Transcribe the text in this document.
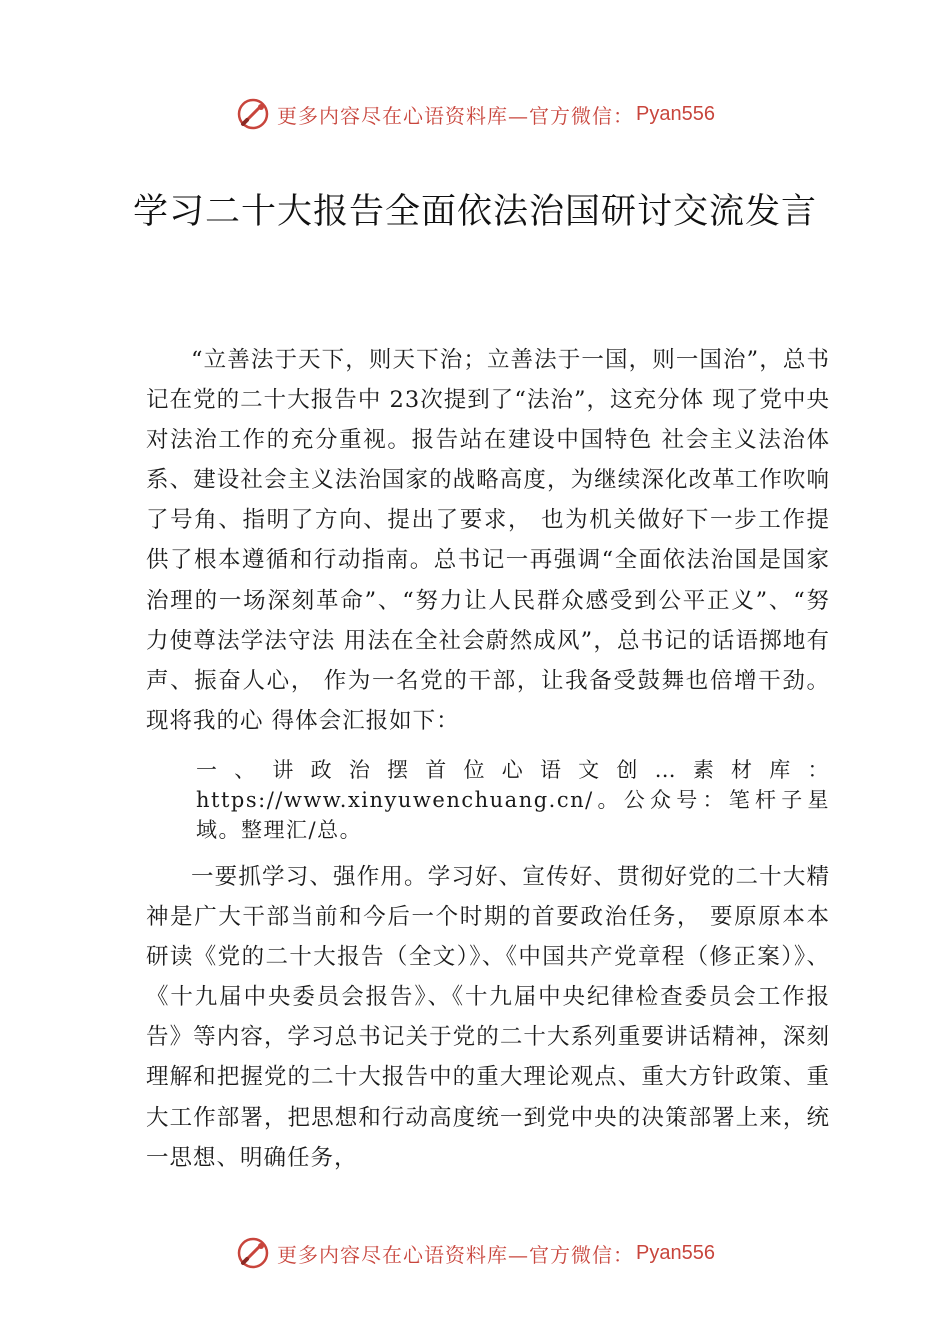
更多内容尽在心语资料库—官方微信： Pyan556
学习二十大报告全面依法治国研讨交流发言

“立善法于天下，则天下治；立善法于一国，则一国治”，总书记在党的二十大报告中 23次提到了“法治”，这充分体 现了党中央对法治工作的充分重视。报告站在建设中国特色 社会主义法治体系、建设社会主义法治国家的战略高度，为继续深化改革工作吹响了号角、指明了方向、提出了要求， 也为机关做好下一步工作提供了根本遵循和行动指南。总书记一再强调“全面依法治国是国家治理的一场深刻革命”、“努力让人民群众感受到公平正义”、“努力使尊法学法守法 用法在全社会蔚然成风”，总书记的话语掷地有声、振奋人心， 作为一名党的干部，让我备受鼓舞也倍增干劲。现将我的心 得体会汇报如下：

一、讲政治摆首位心语文创…素材库：https://www.xinyuwenchuang.cn/。公众号：笔杆子星域。整理汇/总。

一要抓学习、强作用。学习好、宣传好、贯彻好党的二十大精神是广大干部当前和今后一个时期的首要政治任务， 要原原本本研读《党的二十大报告（全文）》、《中国共产党章程（修正案）》、《十九届中央委员会报告》、《十九届中央纪律检查委员会工作报告》等内容，学习总书记关于党的二十大系列重要讲话精神，深刻理解和把握党的二十大报告中的重大理论观点、重大方针政策、重大工作部署，把思想和行动高度统一到党中央的决策部署上来，统一思想、明确任务，

更多内容尽在心语资料库—官方微信： Pyan556
